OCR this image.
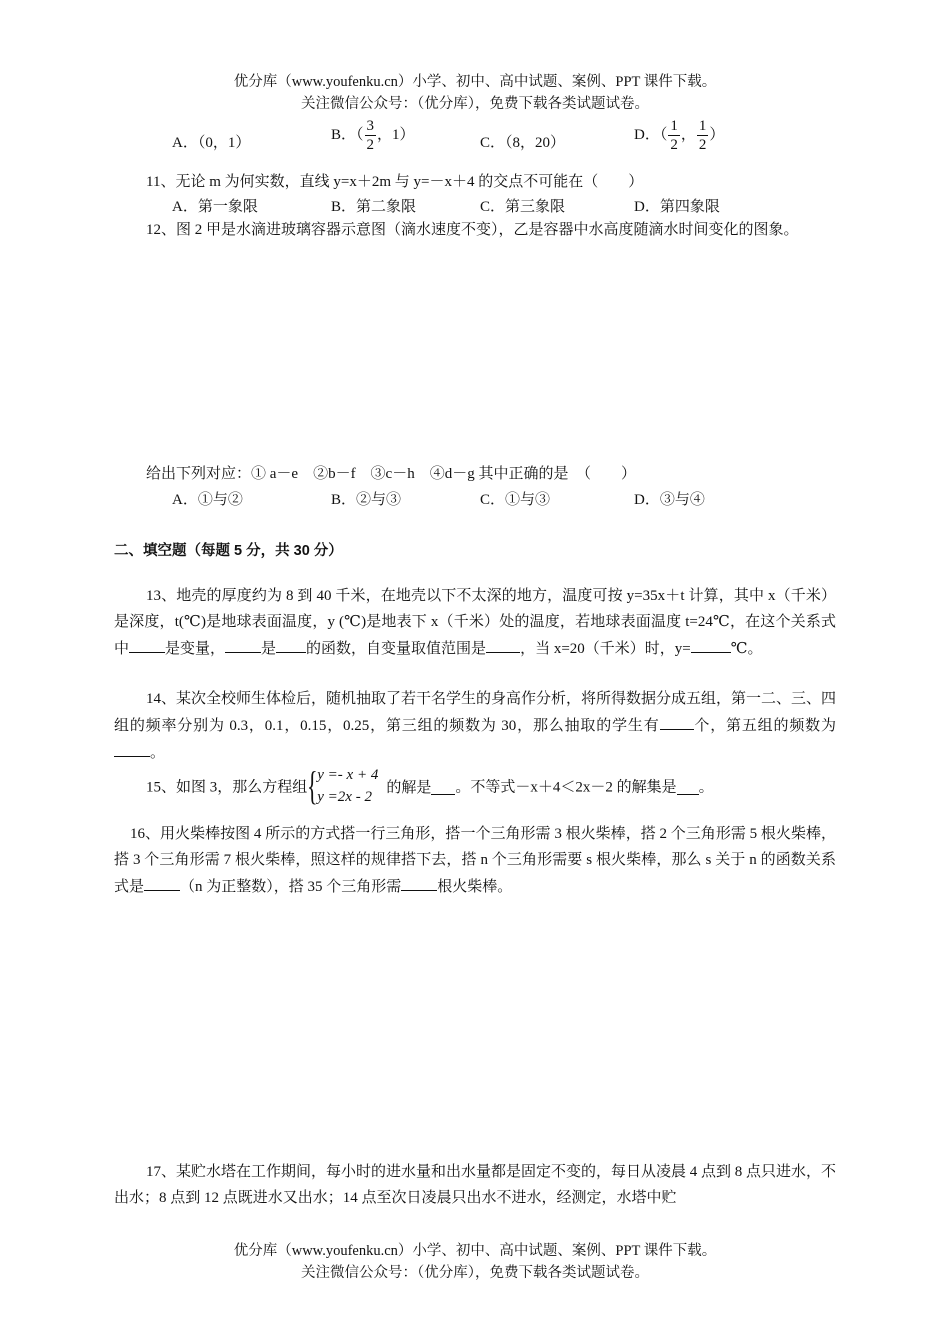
优分库（www.youfenku.cn）小学、初中、高中试题、案例、PPT 课件下载。
关注微信公众号：（优分库），免费下载各类试题试卷。
A．（0，1）
B．（ $\frac{3}{2}$ ，1）
C．（8，20）
D．（ $\frac{1}{2}$ ， $\frac{1}{2}$ ）
11、无论 m 为何实数，直线 y=x＋2m 与 y=－x＋4 的交点不可能在（　　）
A．第一象限	B．第二象限	C．第三象限	D．第四象限
12、图 2 甲是水滴进玻璃容器示意图（滴水速度不变），乙是容器中水高度随滴水时间变化的图象。
给出下列对应：① a－e　②b－f　③c－h　④d－g 其中正确的是　（　　）
A．①与②	B．②与③	C．①与③	D．③与④
二、填空题（每题 5 分，共 30 分）
13、地壳的厚度约为 8 到 40 千米，在地壳以下不太深的地方，温度可按 y=35x＋t 计算，其中 x（千米）是深度，t(℃)是地球表面温度，y (℃)是地表下 x（千米）处的温度，若地球表面温度 t=24℃，在这个关系式中 是变量， 是 的函数，自变量取值范围是 ，当 x=20（千米）时，y=	℃。
14、某次全校师生体检后，随机抽取了若干名学生的身高作分析，将所得数据分成五组，第一二、三、四组的频率分别为 0.3，0.1，0.15，0.25，第三组的频数为 30，那么抽取的学生有 个，第五组的频数为。
15、如图 3，那么方程组 { y =- x + 4
y =2x - 2
的解是 。不等式－x＋4＜2x－2 的解集是 。
16、用火柴棒按图 4 所示的方式搭一行三角形，搭一个三角形需 3 根火柴棒，搭 2 个三角形需 5 根火柴棒，搭 3 个三角形需 7 根火柴棒，照这样的规律搭下去，搭 n 个三角形需要 s 根火柴棒，那么 s 关于 n 的函数关系式是 （n 为正整数），搭 35 个三角形需 根火柴棒。
17、某贮水塔在工作期间，每小时的进水量和出水量都是固定不变的，每日从凌晨 4 点到 8 点只进水，不出水；8 点到 12 点既进水又出水；14 点至次日凌晨只出水不进水，经测定，水塔中贮
优分库（www.youfenku.cn）小学、初中、高中试题、案例、PPT 课件下载。
关注微信公众号：（优分库），免费下载各类试题试卷。
